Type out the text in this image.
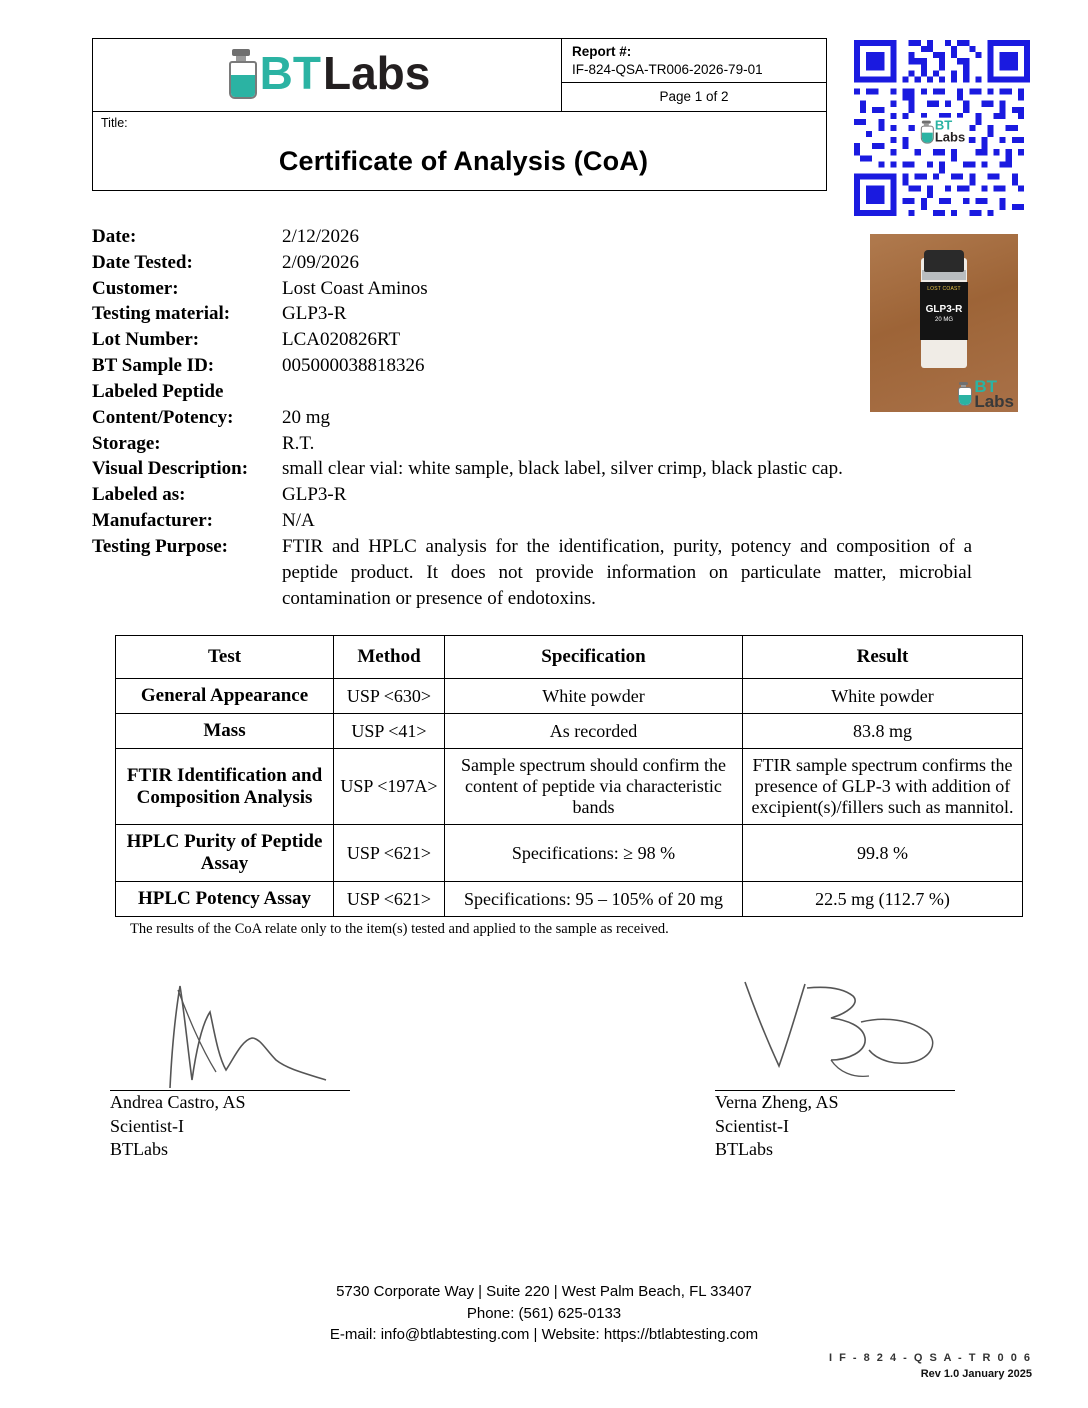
BT Labs	Report #:
IF-824-QSA-TR006-2026-79-01

Page 1 of 2
Title:
Certificate of Analysis (CoA)
BT
Labs
Date:	2/12/2026
Date Tested:	2/09/2026
Customer:	Lost Coast Aminos
Testing material:	GLP3-R
Lot Number:	LCA020826RT
BT Sample ID:	005000038818326
Labeled Peptide
Content/Potency:	20 mg
Storage:	R.T.
Visual Description:	small clear vial: white sample, black label, silver crimp, black plastic cap.
Labeled as:	GLP3-R
Manufacturer:	N/A
Testing Purpose:	FTIR and HPLC analysis for the identification, purity, potency and composition of a peptide product. It does not provide information on particulate matter, microbial contamination or presence of endotoxins.
LOST COAST
GLP3-R
20 MG
BT
Labs
Test	Method	Specification	Result
General Appearance	USP <630>	White powder	White powder
Mass	USP <41>	As recorded	83.8 mg
FTIR Identification and Composition Analysis	USP <197A>	Sample spectrum should confirm the content of peptide via characteristic bands	FTIR sample spectrum confirms the presence of GLP-3 with addition of excipient(s)/fillers such as mannitol.
HPLC Purity of Peptide Assay	USP <621>	Specifications: ≥ 98 %	99.8 %
HPLC Potency Assay	USP <621>	Specifications: 95 – 105% of 20 mg	22.5 mg (112.7 %)
The results of the CoA relate only to the item(s) tested and applied to the sample as received.
Andrea Castro, AS
Scientist-I
BTLabs
Verna Zheng, AS
Scientist-I
BTLabs
5730 Corporate Way | Suite 220 | West Palm Beach, FL 33407
Phone: (561) 625-0133
E-mail: info@btlabtesting.com | Website: https://btlabtesting.com
I F - 8 2 4 - Q S A - T R 0 0 6
Rev 1.0 January 2025
